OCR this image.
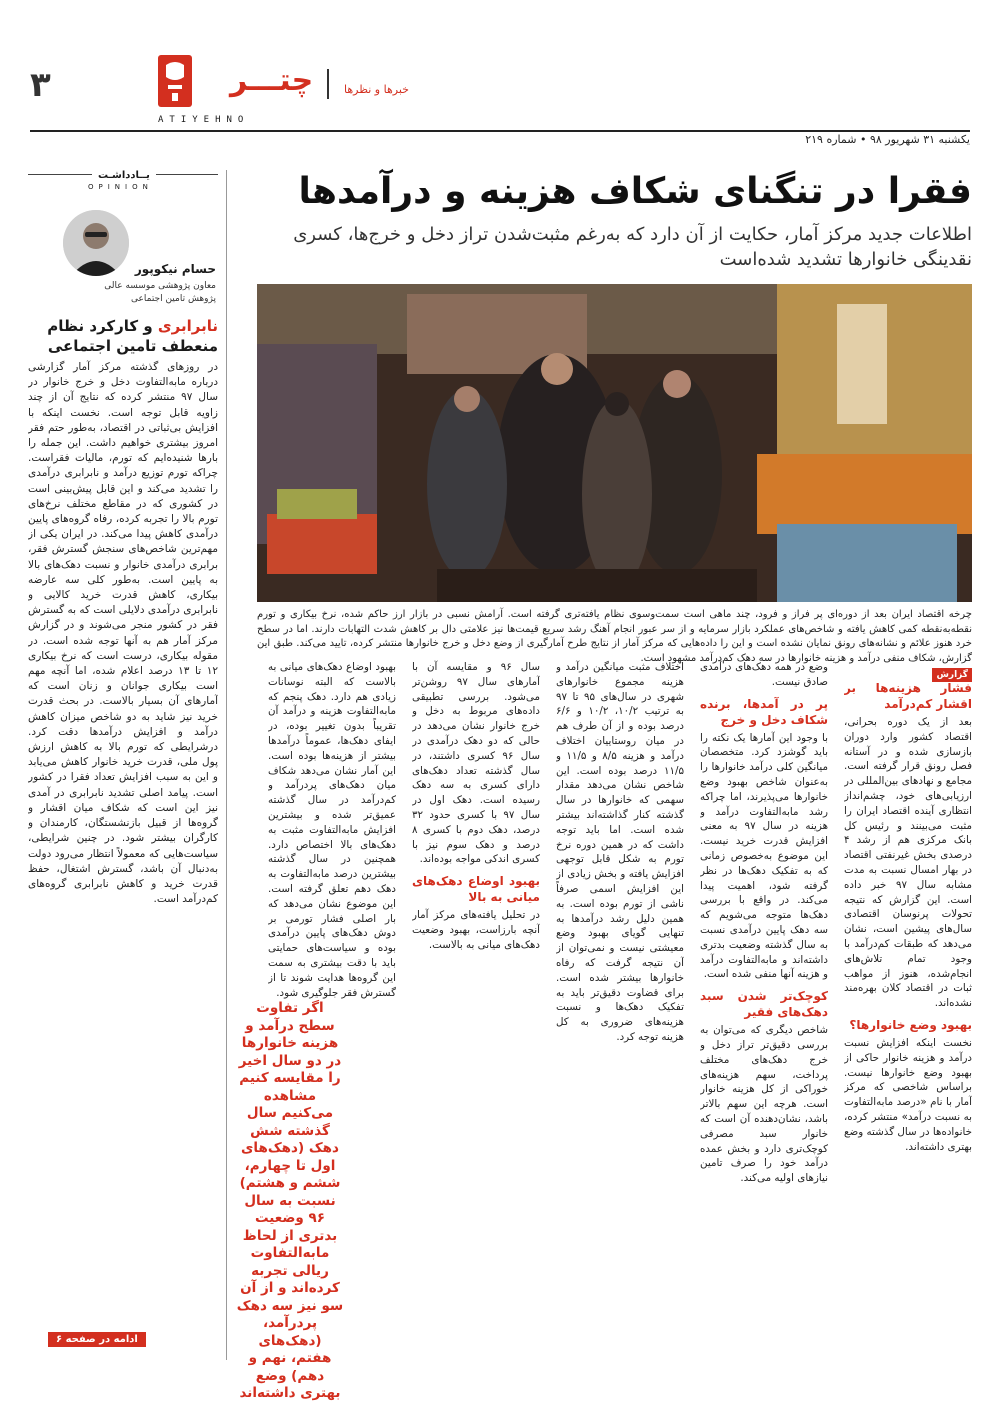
۳
ATIYEHNO
چتـــر	خبرها و نظرها
یکشنبه ۳۱ شهریور ۹۸ • شماره ۲۱۹
یــادداشـت
OPINION
حسام نیکوپور
معاون پژوهشی موسسه عالی پژوهش تامین اجتماعی
نابرابری و کارکرد نظام منعطف تامین اجتماعی
در روزهای گذشته مرکز آمار گزارشی درباره مابه‌التفاوت دخل و خرج خانوار در سال ۹۷ منتشر کرده که نتایج آن از چند زاویه قابل توجه است. نخست اینکه با افزایش بی‌ثباتی در اقتصاد، به‌طور حتم فقر امروز بیشتری خواهیم داشت. این جمله را بارها شنیده‌ایم که تورم، مالیات فقراست. چراکه تورم توزیع درآمد و نابرابری درآمدی را تشدید می‌کند و این قابل پیش‌بینی است در کشوری که در مقاطع مختلف نرخ‌های تورم بالا را تجربه کرده، رفاه گروه‌های پایین درآمدی کاهش پیدا می‌کند. در ایران یکی از مهم‌ترین شاخص‌های سنجش گسترش فقر، برابری درآمدی خانوار و نسبت دهک‌های بالا به پایین است. به‌طور کلی سه عارضه بیکاری، کاهش قدرت خرید کالایی و نابرابری درآمدی دلایلی است که به گسترش فقر در کشور منجر می‌شوند و در گزارش مرکز آمار هم به آنها توجه شده است. در مقوله بیکاری، درست است که نرخ بیکاری ۱۲ تا ۱۳ درصد اعلام شده، اما آنچه مهم است بیکاری جوانان و زنان است که آمارهای آن بسیار بالاست. در بحث قدرت خرید نیز شاید به دو شاخص میزان کاهش درآمد و افزایش درآمدها دقت کرد. درشرایطی که تورم بالا به کاهش ارزش پول ملی، قدرت خرید خانوار کاهش می‌یابد و این به سبب افزایش تعداد فقرا در کشور است. پیامد اصلی تشدید نابرابری در آمدی نیز این است که شکاف میان اقشار و گروه‌ها از قبیل بازنشستگان، کارمندان و کارگران بیشتر شود. در چنین شرایطی، سیاست‌هایی که معمولاً انتظار می‌رود دولت به‌دنبال آن باشد، گسترش اشتغال، حفظ قدرت خرید و کاهش نابرابری گروه‌های کم‌درآمد است.
ادامه در صفحه ۶
فقرا در تنگنای شکاف هزینه و درآمدها
اطلاعات جدید مرکز آمار، حکایت از آن دارد که به‌رغم مثبت‌شدن تراز دخل و خرج‌ها، کسری نقدینگی خانوارها تشدید شده‌است
چرخه اقتصاد ایران بعد از دوره‌ای پر فراز و فرود، چند ماهی است سمت‌وسوی نظام یافته‌تری گرفته است. آرامش نسبی در بازار ارز حاکم شده، نرخ بیکاری و تورم نقطه‌به‌نقطه کمی کاهش یافته و شاخص‌های عملکرد بازار سرمایه و از سر عبور انجام آهنگ رشد سریع قیمت‌ها نیز علامتی دال بر کاهش شدت التهابات دارند. اما در سطح خرد هنوز علائم و نشانه‌های رونق نمایان نشده است و این را داده‌هایی که مرکز آمار از نتایج طرح آمارگیری از وضع دخل و خرج خانوارها منتشر کرده، تایید می‌کند. طبق این گزارش، شکاف منفی درآمد و هزینه خانوارها در سه دهک کم‌درآمد مشهود است.
گزارش
فشار هزینه‌ها بر اقشار کم‌درآمد

بعد از یک دوره بحرانی، اقتصاد کشور وارد دوران بازسازی شده و در آستانه فصل رونق قرار گرفته است. مجامع و نهادهای بین‌المللی در ارزیابی‌های خود، چشم‌انداز انتظاری آینده اقتصاد ایران را مثبت می‌بینند و رئیس کل بانک مرکزی هم از رشد ۴ درصدی بخش غیرنفتی اقتصاد در بهار امسال نسبت به مدت مشابه سال ۹۷ خبر داده است. این گزارش که نتیجه تحولات پرنوسان اقتصادی سال‌های پیشین است، نشان می‌دهد که طبقات کم‌درآمد با وجود تمام تلاش‌های انجام‌شده، هنوز از مواهب ثبات در اقتصاد کلان بهره‌مند نشده‌اند.

بهبود وضع خانوارها؟

نخست اینکه افزایش نسبت درآمد و هزینه خانوار حاکی از بهبود وضع خانوارها نیست. براساس شاخصی که مرکز آمار با نام «درصد مابه‌التفاوت به نسبت درآمد» منتشر کرده، خانواده‌ها در سال گذشته وضع بهتری داشته‌اند.

وضع در همه دهک‌های درآمدی صادق نیست.

پر در آمدها، برنده شکاف دخل و خرج

با وجود این آمارها یک نکته را باید گوشزد کرد. متخصصان میانگین کلی درآمد خانوارها را به‌عنوان شاخص بهبود وضع خانوارها می‌پذیرند، اما چراکه رشد مابه‌التفاوت درآمد و هزینه در سال ۹۷ به معنی افزایش قدرت خرید نیست. این موضوع به‌خصوص زمانی که به تفکیک دهک‌ها در نظر گرفته شود، اهمیت پیدا می‌کند. در واقع با بررسی دهک‌ها متوجه می‌شویم که سه دهک پایین درآمدی نسبت به سال گذشته وضعیت بدتری داشته‌اند و مابه‌التفاوت درآمد و هزینه آنها منفی شده است.

کوچک‌تر شدن سبد دهک‌های فقیر

شاخص دیگری که می‌توان به بررسی دقیق‌تر تراز دخل و خرج دهک‌های مختلف پرداخت، سهم هزینه‌های خوراکی از کل هزینه خانوار است. هرچه این سهم بالاتر باشد، نشان‌دهنده آن است که خانوار سبد مصرفی کوچک‌تری دارد و بخش عمده درآمد خود را صرف تامین نیازهای اولیه می‌کند.

اختلاف مثبت میانگین درآمد و هزینه مجموع خانوارهای شهری در سال‌های ۹۵ تا ۹۷ به ترتیب ۱۰/۲، ۱۰/۲ و ۶/۶ درصد بوده و از آن طرف هم در میان روستاییان اختلاف درآمد و هزینه ۸/۵ و ۱۱/۵ و ۱۱/۵ درصد بوده است. این شاخص نشان می‌دهد مقدار سهمی که خانوارها در سال گذشته کنار گذاشته‌اند بیشتر شده است. اما باید توجه داشت که در همین دوره نرخ تورم به شکل قابل توجهی افزایش یافته و بخش زیادی از این افزایش اسمی صرفاً ناشی از تورم بوده است. به همین دلیل رشد درآمدها به تنهایی گویای بهبود وضع معیشتی نیست و نمی‌توان از آن نتیجه گرفت که رفاه خانوارها بیشتر شده است. برای قضاوت دقیق‌تر باید به تفکیک دهک‌ها و نسبت هزینه‌های ضروری به کل هزینه توجه کرد.

سال ۹۶ و مقایسه آن با آمارهای سال ۹۷ روشن‌تر می‌شود. بررسی تطبیقی داده‌های مربوط به دخل و خرج خانوار نشان می‌دهد در حالی که دو دهک درآمدی در سال ۹۶ کسری داشتند، در سال گذشته تعداد دهک‌های دارای کسری به سه دهک رسیده است. دهک اول در سال ۹۷ با کسری حدود ۳۲ درصد، دهک دوم با کسری ۸ درصد و دهک سوم نیز با کسری اندکی مواجه بوده‌اند.

بهبود اوضاع دهک‌های میانی به بالا

در تحلیل یافته‌های مرکز آمار آنچه بارزاست، بهبود وضعیت دهک‌های میانی به بالاست.

بهبود اوضاع دهک‌های میانی به بالاست که البته نوسانات زیادی هم دارد. دهک پنجم که مابه‌التفاوت هزینه و درآمد آن تقریباً بدون تغییر بوده، در ایفای دهک‌ها، عموماً درآمدها بیشتر از هزینه‌ها بوده است. این آمار نشان می‌دهد شکاف میان دهک‌های پردرآمد و کم‌درآمد در سال گذشته عمیق‌تر شده و بیشترین افزایش مابه‌التفاوت مثبت به دهک‌های بالا اختصاص دارد. همچنین در سال گذشته بیشترین درصد مابه‌التفاوت به دهک دهم تعلق گرفته است. این موضوع نشان می‌دهد که بار اصلی فشار تورمی بر دوش دهک‌های پایین درآمدی بوده و سیاست‌های حمایتی باید با دقت بیشتری به سمت این گروه‌ها هدایت شوند تا از گسترش فقر جلوگیری شود.

اگر تفاوت سطح درآمد و هزینه خانوارها در دو سال اخیر را مقایسه کنیم مشاهده می‌کنیم سال گذشته شش دهک (دهک‌های اول تا چهارم، ششم و هشتم) نسبت به سال ۹۶ وضعیت بدتری از لحاظ مابه‌التفاوت ریالی تجربه کرده‌اند و از آن سو نیز سه دهک پردرآمد، (دهک‌های هفتم، نهم و دهم) وضع بهتری داشته‌اند
